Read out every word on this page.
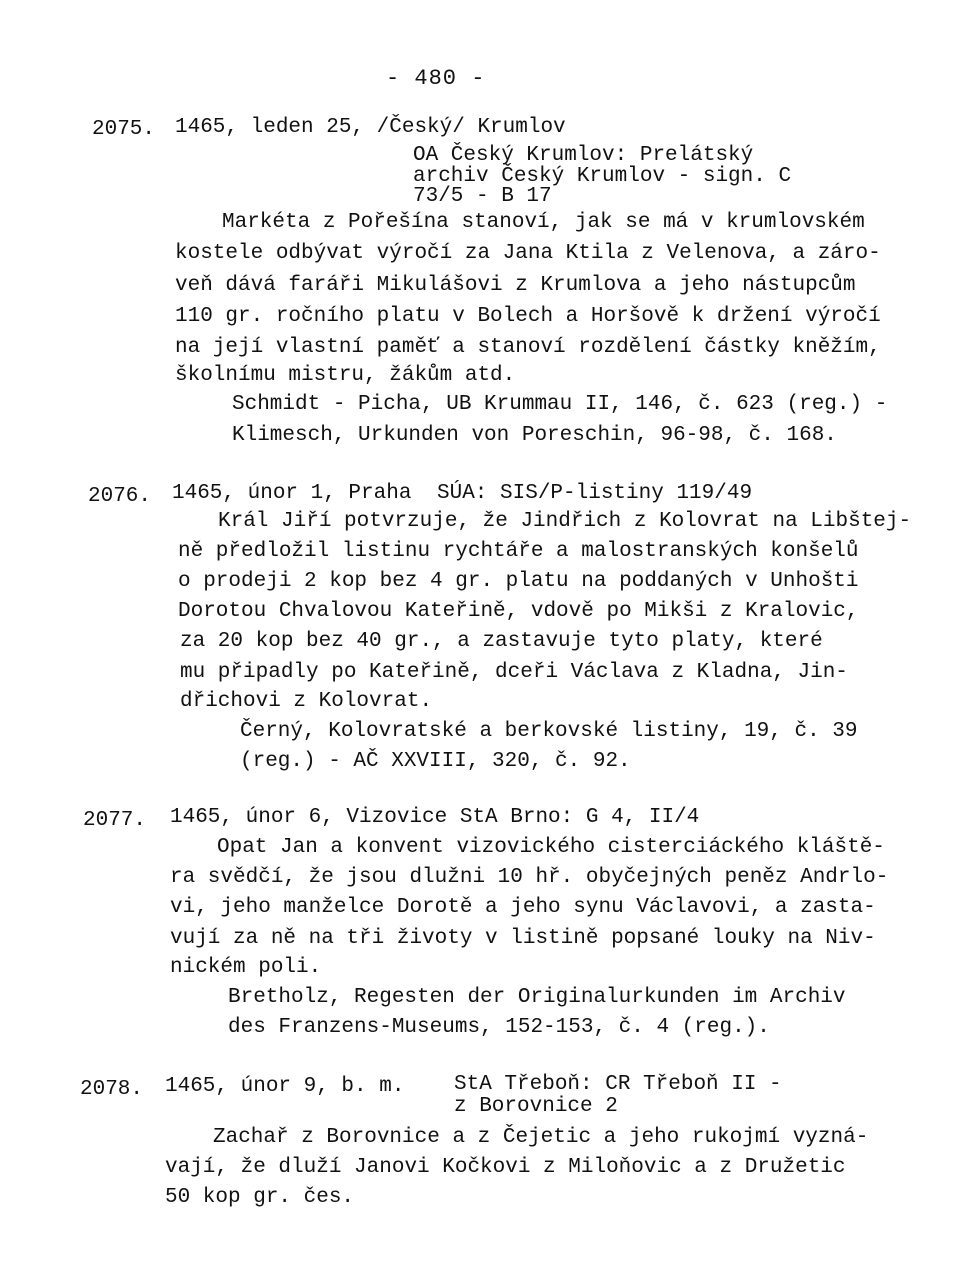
- 480 -
2075. 1465, leden 25, /Český/ Krumlov
OA Český Krumlov: Prelátský
archiv Český Krumlov - sign. C
73/5 - B 17
Markéta z Pořešína stanoví, jak se má v krumlovském
kostele odbývat výročí za Jana Ktila z Velenova, a záro-
veň dává faráři Mikulášovi z Krumlova a jeho nástupcům
110 gr. ročního platu v Bolech a Horšově k držení výročí
na její vlastní paměť a stanoví rozdělení částky kněžím,
školnímu mistru, žákům atd.
Schmidt - Picha, UB Krummau II, 146, č. 623 (reg.) -
Klimesch, Urkunden von Poreschin, 96-98, č. 168.
2076. 1465, únor 1, Praha SÚA: SIS/P-listiny 119/49
Král Jiří potvrzuje, že Jindřich z Kolovrat na Libštej-
ně předložil listinu rychtáře a malostranských konšelů
o prodeji 2 kop bez 4 gr. platu na poddaných v Unhošti
Dorotou Chvalovou Kateřině, vdově po Mikši z Kralovic,
za 20 kop bez 40 gr., a zastavuje tyto platy, které
mu připadly po Kateřině, dceři Václava z Kladna, Jin-
dřichovi z Kolovrat.
Černý, Kolovratské a berkovské listiny, 19, č. 39
(reg.) - AČ XXVIII, 320, č. 92.
2077. 1465, únor 6, Vizovice StA Brno: G 4, II/4
Opat Jan a konvent vizovického cisterciáckého kláště-
ra svědčí, že jsou dlužni 10 hř. obyčejných peněz Andrlo-
vi, jeho manželce Dorotě a jeho synu Václavovi, a zasta-
vují za ně na tři životy v listině popsané louky na Niv-
nickém poli.
Bretholz, Regesten der Originalurkunden im Archiv
des Franzens-Museums, 152-153, č. 4 (reg.).
2078. 1465, únor 9, b. m. StA Třeboň: CR Třeboň II -
z Borovnice 2
Zachař z Borovnice a z Čejetic a jeho rukojmí vyzná-
vají, že dluží Janovi Kočkovi z Miloňovic a z Družetic
50 kop gr. čes.
